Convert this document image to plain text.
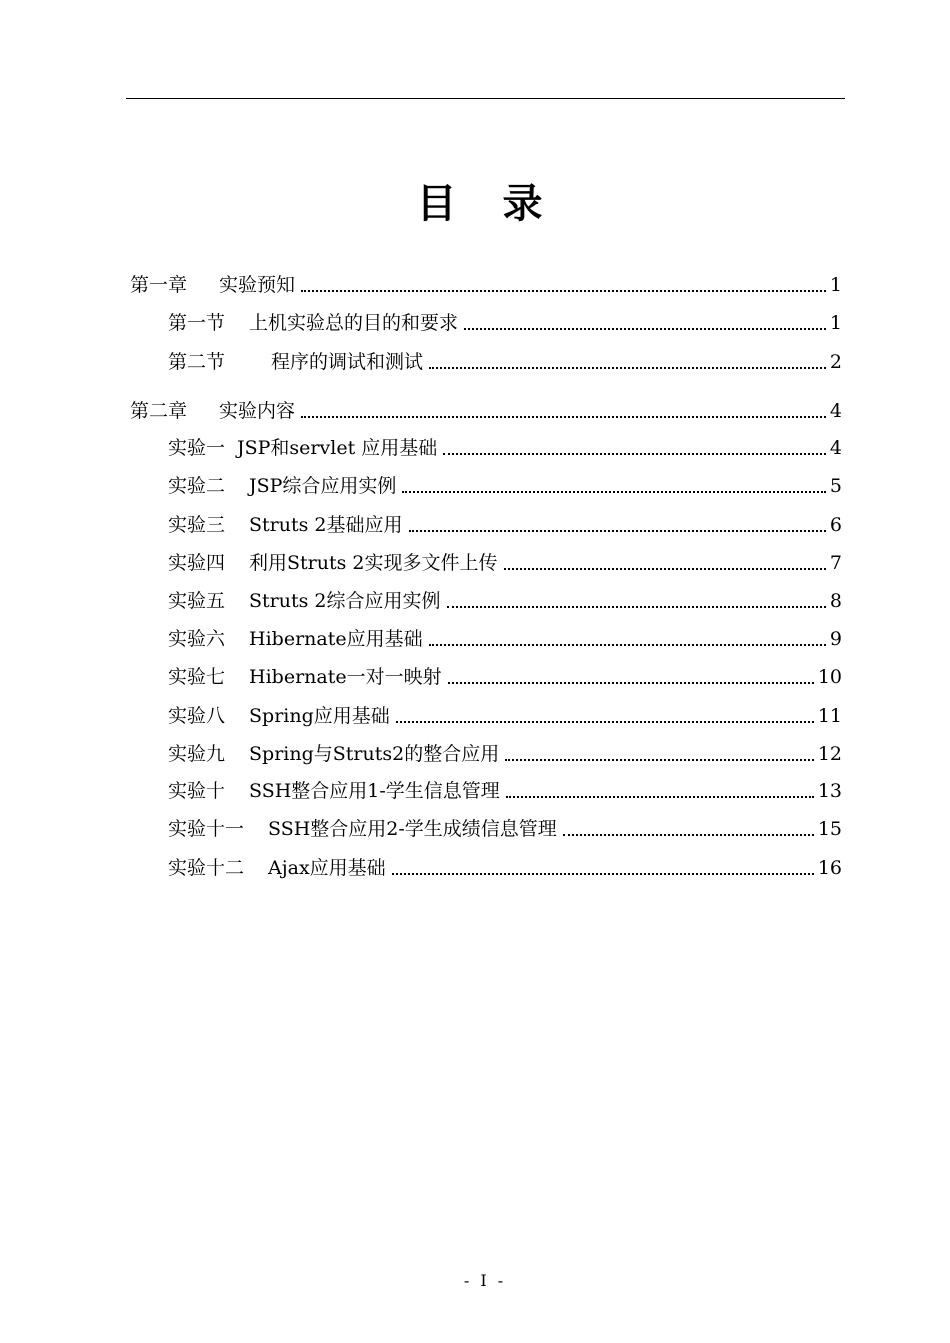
目 录
第一章 实验预知	1
第一节 上机实验总的目的和要求	1
第二节 程序的调试和测试	2
第二章 实验内容	4
实验一 JSP和servlet 应用基础	4
实验二 JSP综合应用实例	5
实验三 Struts 2基础应用	6
实验四 利用Struts 2实现多文件上传	7
实验五 Struts 2综合应用实例	8
实验六 Hibernate应用基础	9
实验七 Hibernate一对一映射	10
实验八 Spring应用基础	11
实验九 Spring与Struts2的整合应用	12
实验十 SSH整合应用1-学生信息管理	13
实验十一 SSH整合应用2-学生成绩信息管理	15
实验十二 Ajax应用基础	16
- I -
